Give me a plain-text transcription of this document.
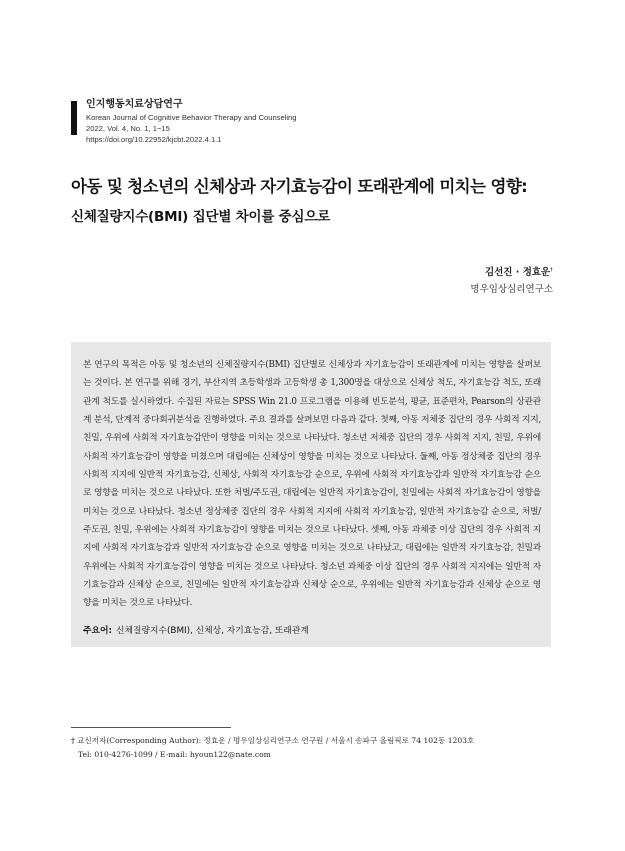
인지행동치료상담연구
Korean Journal of Cognitive Behavior Therapy and Counseling
2022, Vol. 4, No. 1, 1−15
https://doi.org/10.22952/kjcbt.2022.4.1.1
아동 및 청소년의 신체상과 자기효능감이 또래관계에 미치는 영향:
신체질량지수(BMI) 집단별 차이를 중심으로
김선진 · 정효운†
명우임상심리연구소
본 연구의 목적은 아동 및 청소년의 신체질량지수(BMI) 집단별로 신체상과 자기효능감이 또래관계에 미치는 영향을 살펴보는 것이다. 본 연구를 위해 경기, 부산지역 초등학생과 고등학생 총 1,300명을 대상으로 신체상 척도, 자기효능감 척도, 또래관계 척도를 실시하였다. 수집된 자료는 SPSS Win 21.0 프로그램을 이용해 빈도분석, 평균, 표준편차, Pearson의 상관관계 분석, 단계적 중다회귀분석을 진행하였다. 주요 결과를 살펴보면 다음과 같다. 첫째, 아동 저체중 집단의 경우 사회적 지지, 친밀, 우위에 사회적 자기효능감만이 영향을 미치는 것으로 나타났다. 청소년 저체중 집단의 경우 사회적 지지, 친밀, 우위에 사회적 자기효능감이 영향을 미쳤으며 대립에는 신체상이 영향을 미치는 것으로 나타났다. 둘째, 아동 정상체중 집단의 경우 사회적 지지에 일반적 자기효능감, 신체상, 사회적 자기효능감 순으로, 우위에 사회적 자기효능감과 일반적 자기효능감 순으로 영향을 미치는 것으로 나타났다. 또한 처벌/주도권, 대립에는 일반적 자기효능감이, 친밀에는 사회적 자기효능감이 영향을 미치는 것으로 나타났다. 청소년 정상체중 집단의 경우 사회적 지지에 사회적 자기효능감, 일반적 자기효능감 순으로, 처벌/주도권, 친밀, 우위에는 사회적 자기효능감이 영향을 미치는 것으로 나타났다. 셋째, 아동 과체중 이상 집단의 경우 사회적 지지에 사회적 자기효능감과 일반적 자기효능감 순으로 영향을 미치는 것으로 나타났고, 대립에는 일반적 자기효능감, 친밀과 우위에는 사회적 자기효능감이 영향을 미치는 것으로 나타났다. 청소년 과체중 이상 집단의 경우 사회적 지지에는 일반적 자기효능감과 신체상 순으로, 친밀에는 일반적 자기효능감과 신체상 순으로, 우위에는 일반적 자기효능감과 신체상 순으로 영향을 미치는 것으로 나타났다.
주요어: 신체질량지수(BMI), 신체상, 자기효능감, 또래관계
† 교신저자(Corresponding Author): 정효운 / 명우임상심리연구소 연구원 / 서울시 송파구 올림픽로 74 102동 1203호
Tel: 010-4276-1099 / E-mail: hyoun122@nate.com
